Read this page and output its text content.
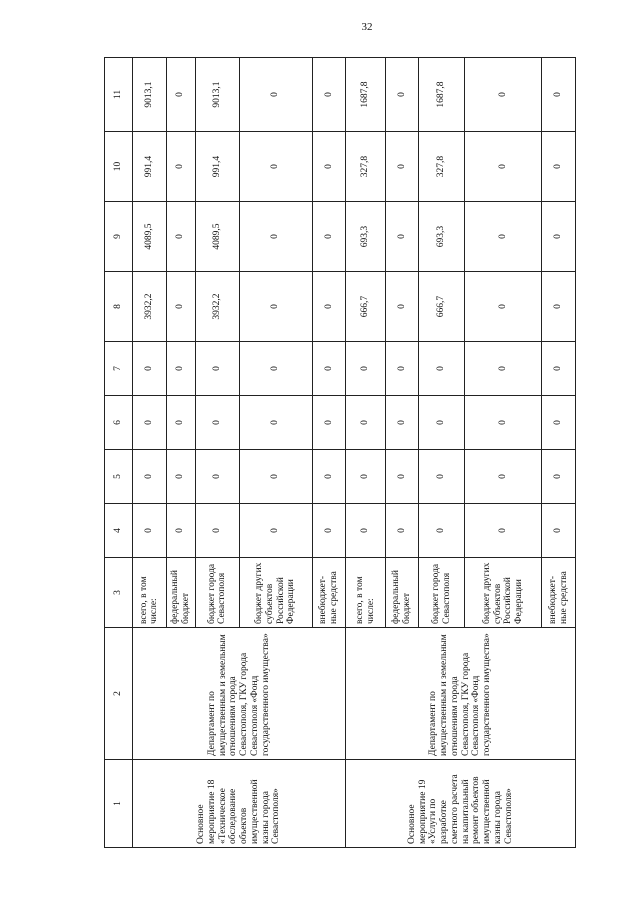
32
1	2	3	4	5	6	7	8	9	10	11
Основное мероприятие 18 «Техническое обследование объектов имущественной казны города Севастополя»	Департамент по имущественным и земельным отношениям города Севастополя, ГКУ города Севастополя «Фонд государственного имущества»	всего, в том числе:	0	0	0	0	3932,2	4089,5	991,4	9013,1
		федеральный бюджет	0	0	0	0	0	0	0	0
		бюджет города Севастополя	0	0	0	0	3932,2	4089,5	991,4	9013,1
		бюджет других субъектов Российской Федерации	0	0	0	0	0	0	0	0
		внебюджет-ные средства	0	0	0	0	0	0	0	0
Основное мероприятие 19 «Услуги по разработке сметного расчета на капитальный ремонт объектов имущественной казны города Севастополя»	Департамент по имущественным и земельным отношениям города Севастополя, ГКУ города Севастополя «Фонд государственного имущества»	всего, в том числе:	0	0	0	0	666,7	693,3	327,8	1687,8
		федеральный бюджет	0	0	0	0	0	0	0	0
		бюджет города Севастополя	0	0	0	0	666,7	693,3	327,8	1687,8
		бюджет других субъектов Российской Федерации	0	0	0	0	0	0	0	0
		внебюджет-ные средства	0	0	0	0	0	0	0	0
